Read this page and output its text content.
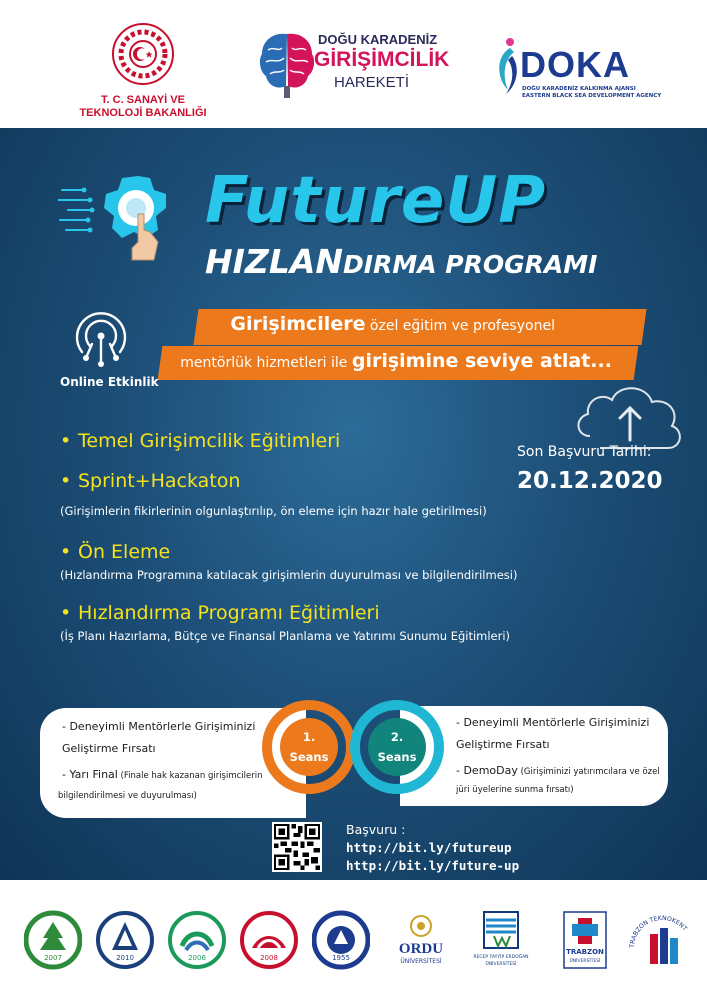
T. C. SANAYİ VE
TEKNOLOJİ BAKANLIĞI
DOĞU KARADENİZ
GİRİŞİMCİLİK
HAREKETİ	DOKA
DOĞU KARADENİZ KALKINMA AJANSI
EASTERN BLACK SEA DEVELOPMENT AGENCY
FutureUP
HIZLANDIRMA PROGRAMI
Girişimcilere özel eğitim ve profesyonel
mentörlük hizmetleri ile girişimine seviye atlat...
Online Etkinlik
Son Başvuru Tarihi:
20.12.2020
• Temel Girişimcilik Eğitimleri
• Sprint+Hackaton
(Girişimlerin fikirlerinin olgunlaştırılıp, ön eleme için hazır hale getirilmesi)
• Ön Eleme
(Hızlandırma Programına katılacak girişimlerin duyurulması ve bilgilendirilmesi)
• Hızlandırma Programı Eğitimleri
(İş Planı Hazırlama, Bütçe ve Finansal Planlama ve Yatırımı Sunumu Eğitimleri)
- Deneyimli Mentörlerle Girişiminizi
Geliştirme Fırsatı
- Yarı Final (Finale hak kazanan girişimcilerin
bilgilendirilmesi ve duyurulması)
- Deneyimli Mentörlerle Girişiminizi
Geliştirme Fırsatı
- DemoDay (Girişiminizi yatırımcılara ve özel
jüri üyelerine sunma fırsatı)
1.
Seans
2.
Seans
Başvuru :
http://bit.ly/futureup
http://bit.ly/future-up
2007	2010	2006	2008	1955
ORDU
ÜNİVERSİTESİ
RECEP TAYYİP ERDOĞAN
ÜNİVERSİTESİ
TRABZON
ÜNİVERSİTESİ
TRABZON TEKNOKENT
